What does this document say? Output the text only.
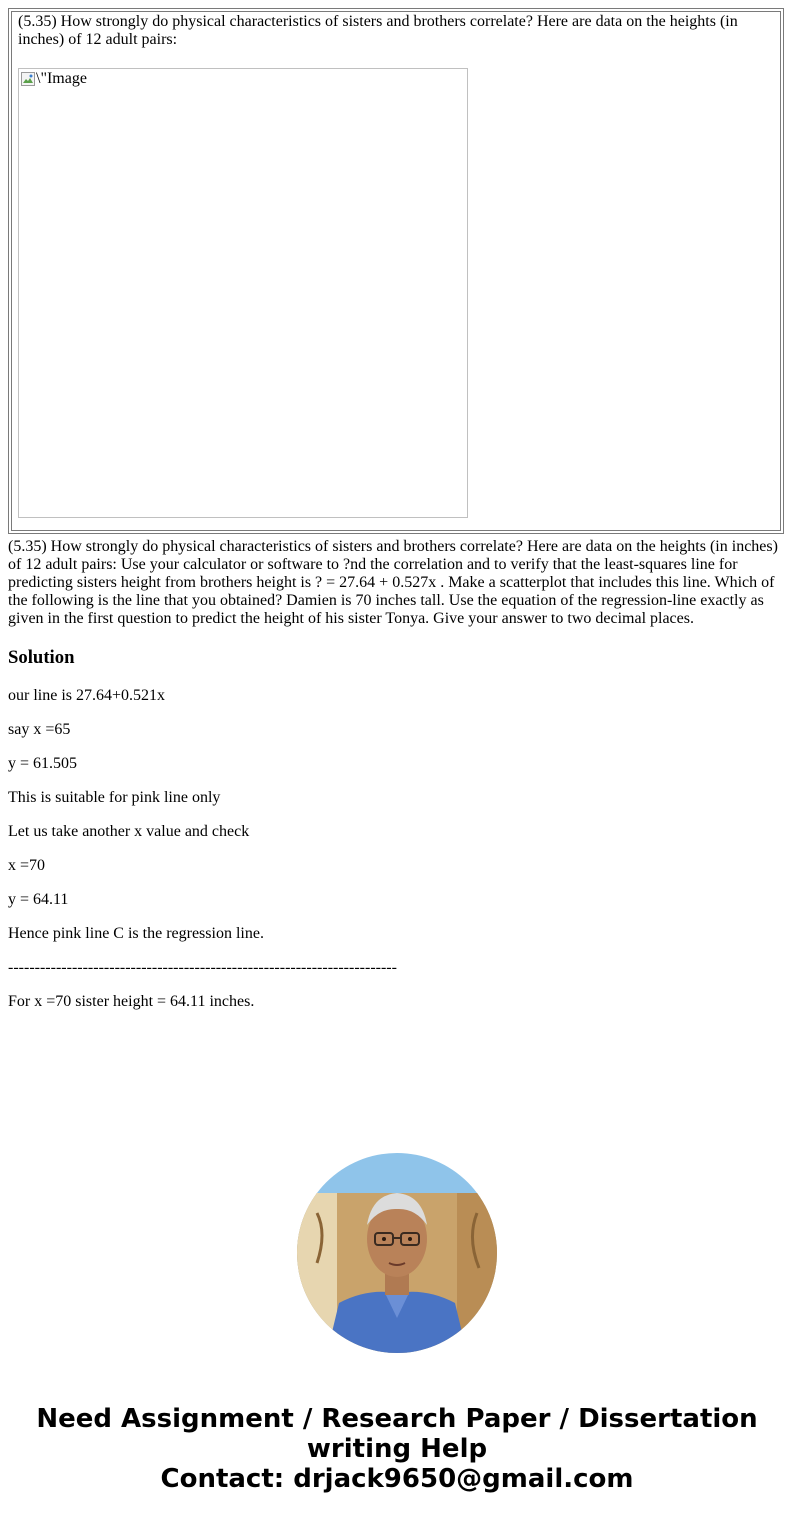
(5.35) How strongly do physical characteristics of sisters and brothers correlate? Here are data on the heights (in inches) of 12 adult pairs:

\"Image

(5.35) How strongly do physical characteristics of sisters and brothers correlate? Here are data on the heights (in inches) of 12 adult pairs: Use your calculator or software to ?nd the correlation and to verify that the least-squares line for predicting sisters height from brothers height is ? = 27.64 + 0.527x . Make a scatterplot that includes this line. Which of the following is the line that you obtained? Damien is 70 inches tall. Use the equation of the regression-line exactly as given in the first question to predict the height of his sister Tonya. Give your answer to two decimal places.

Solution

our line is 27.64+0.521x

say x =65

y = 61.505

This is suitable for pink line only

Let us take another x value and check

x =70

y = 64.11

Hence pink line C is the regression line.

-------------------------------------------------------------------------

For x =70 sister height = 64.11 inches.

Need Assignment / Research Paper / Dissertation
writing Help
Contact: drjack9650@gmail.com
